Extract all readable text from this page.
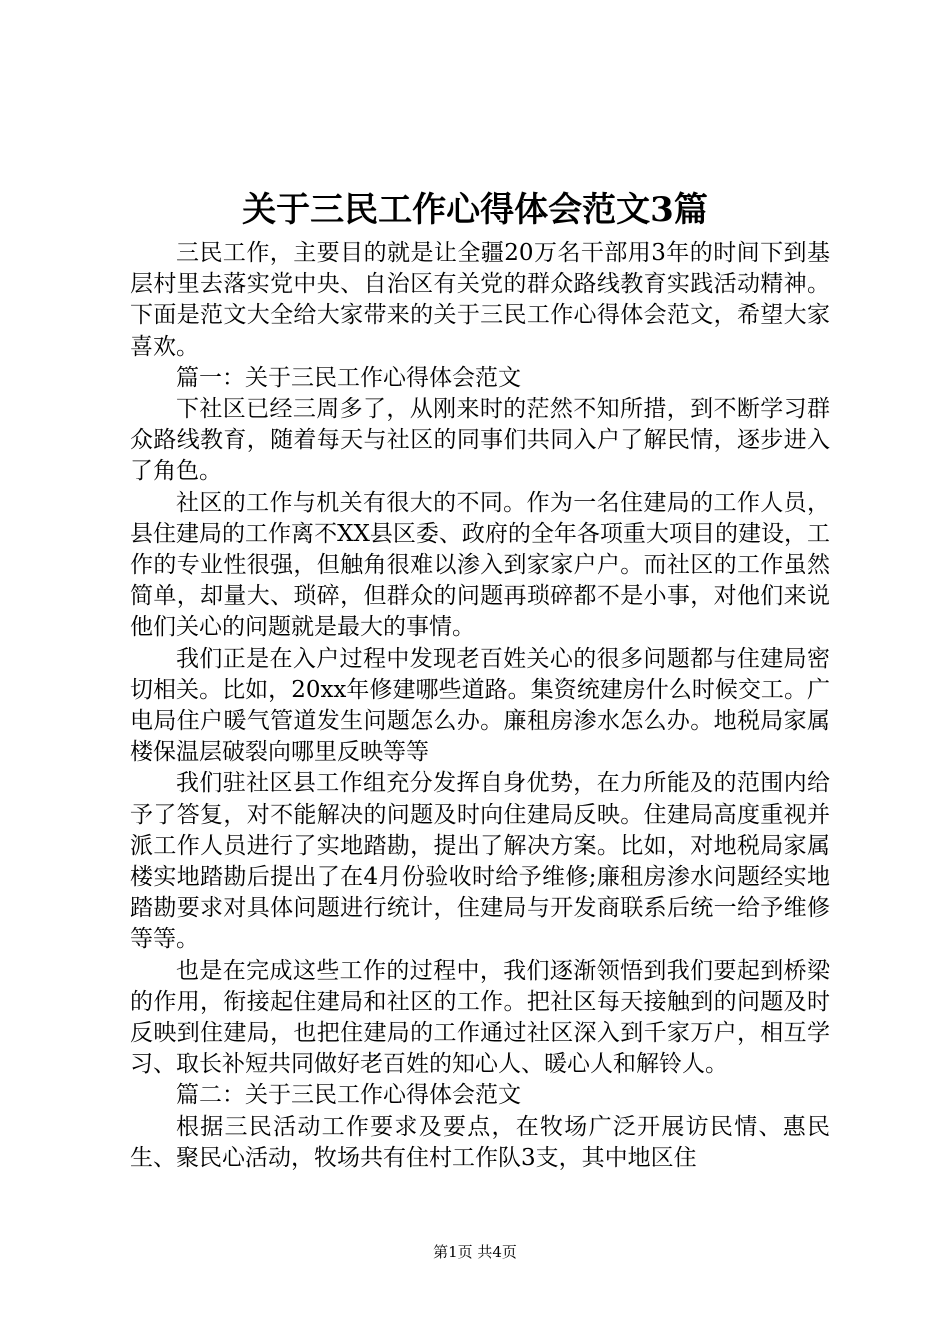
关于三民工作心得体会范文3篇

三民工作，主要目的就是让全疆20万名干部用3年的时间下到基层村里去落实党中央、自治区有关党的群众路线教育实践活动精神。下面是范文大全给大家带来的关于三民工作心得体会范文，希望大家喜欢。

篇一：关于三民工作心得体会范文

下社区已经三周多了，从刚来时的茫然不知所措，到不断学习群众路线教育，随着每天与社区的同事们共同入户了解民情，逐步进入了角色。

社区的工作与机关有很大的不同。作为一名住建局的工作人员，县住建局的工作离不XX县区委、政府的全年各项重大项目的建设，工作的专业性很强，但触角很难以渗入到家家户户。而社区的工作虽然简单，却量大、琐碎，但群众的问题再琐碎都不是小事，对他们来说他们关心的问题就是最大的事情。

我们正是在入户过程中发现老百姓关心的很多问题都与住建局密切相关。比如，20xx年修建哪些道路。集资统建房什么时候交工。广电局住户暖气管道发生问题怎么办。廉租房渗水怎么办。地税局家属楼保温层破裂向哪里反映等等

我们驻社区县工作组充分发挥自身优势，在力所能及的范围内给予了答复，对不能解决的问题及时向住建局反映。住建局高度重视并派工作人员进行了实地踏勘，提出了解决方案。比如，对地税局家属楼实地踏勘后提出了在4月份验收时给予维修;廉租房渗水问题经实地踏勘要求对具体问题进行统计，住建局与开发商联系后统一给予维修等等。

也是在完成这些工作的过程中，我们逐渐领悟到我们要起到桥梁的作用，衔接起住建局和社区的工作。把社区每天接触到的问题及时反映到住建局，也把住建局的工作通过社区深入到千家万户，相互学习、取长补短共同做好老百姓的知心人、暖心人和解铃人。

篇二：关于三民工作心得体会范文

根据三民活动工作要求及要点，在牧场广泛开展访民情、惠民生、聚民心活动，牧场共有住村工作队3支，其中地区住

第1页 共4页
